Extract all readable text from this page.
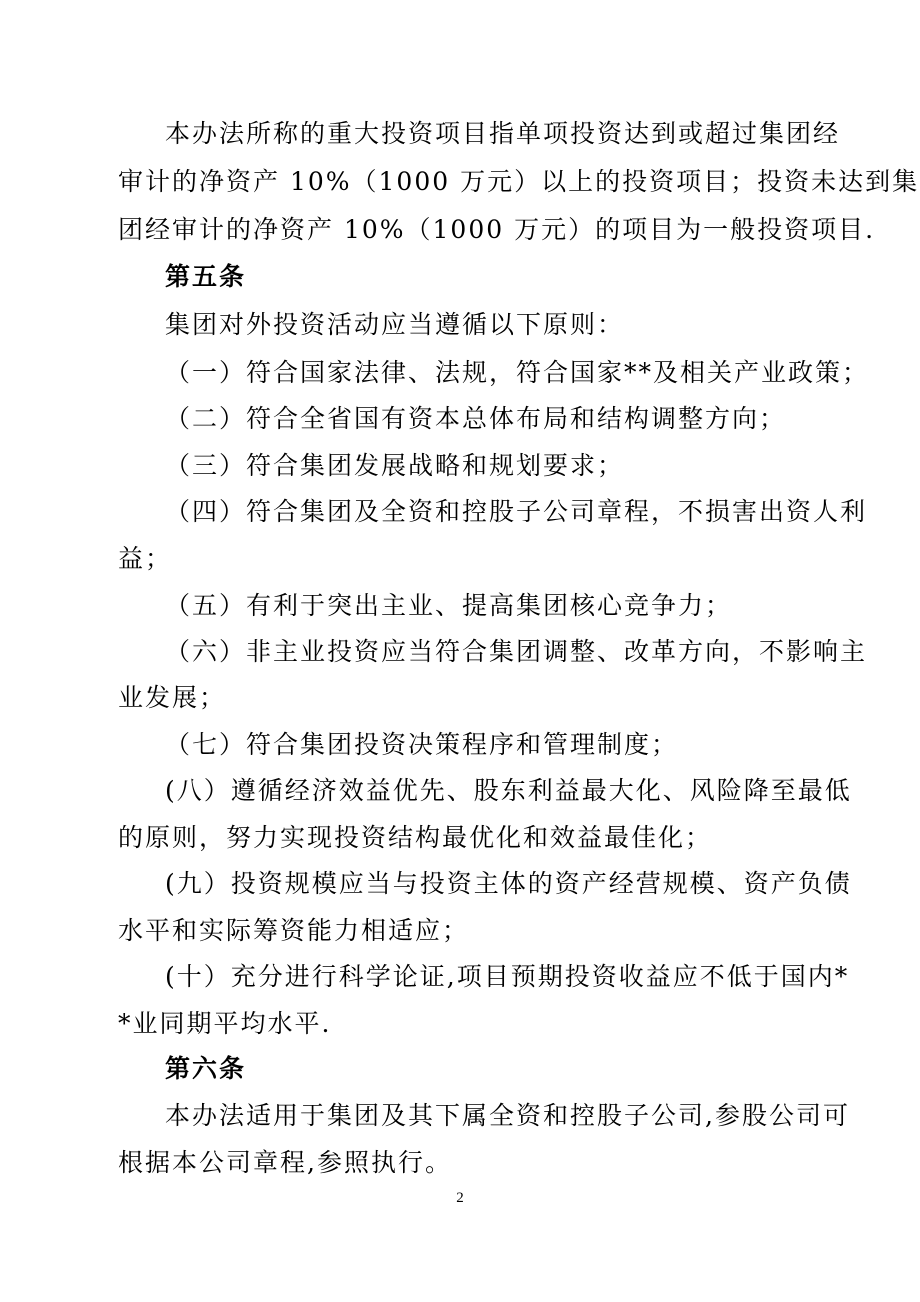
本办法所称的重大投资项目指单项投资达到或超过集团经
审计的净资产 10%（1000 万元）以上的投资项目；投资未达到集
团经审计的净资产 10%（1000 万元）的项目为一般投资项目.
第五条
集团对外投资活动应当遵循以下原则：
（一）符合国家法律、法规，符合国家**及相关产业政策；
（二）符合全省国有资本总体布局和结构调整方向；
（三）符合集团发展战略和规划要求；
（四）符合集团及全资和控股子公司章程，不损害出资人利
益；
（五）有利于突出主业、提高集团核心竞争力；
（六）非主业投资应当符合集团调整、改革方向，不影响主
业发展；
（七）符合集团投资决策程序和管理制度；
(八）遵循经济效益优先、股东利益最大化、风险降至最低
的原则，努力实现投资结构最优化和效益最佳化；
(九）投资规模应当与投资主体的资产经营规模、资产负债
水平和实际筹资能力相适应；
(十）充分进行科学论证,项目预期投资收益应不低于国内*
*业同期平均水平.
第六条
本办法适用于集团及其下属全资和控股子公司,参股公司可
根据本公司章程,参照执行。
2
